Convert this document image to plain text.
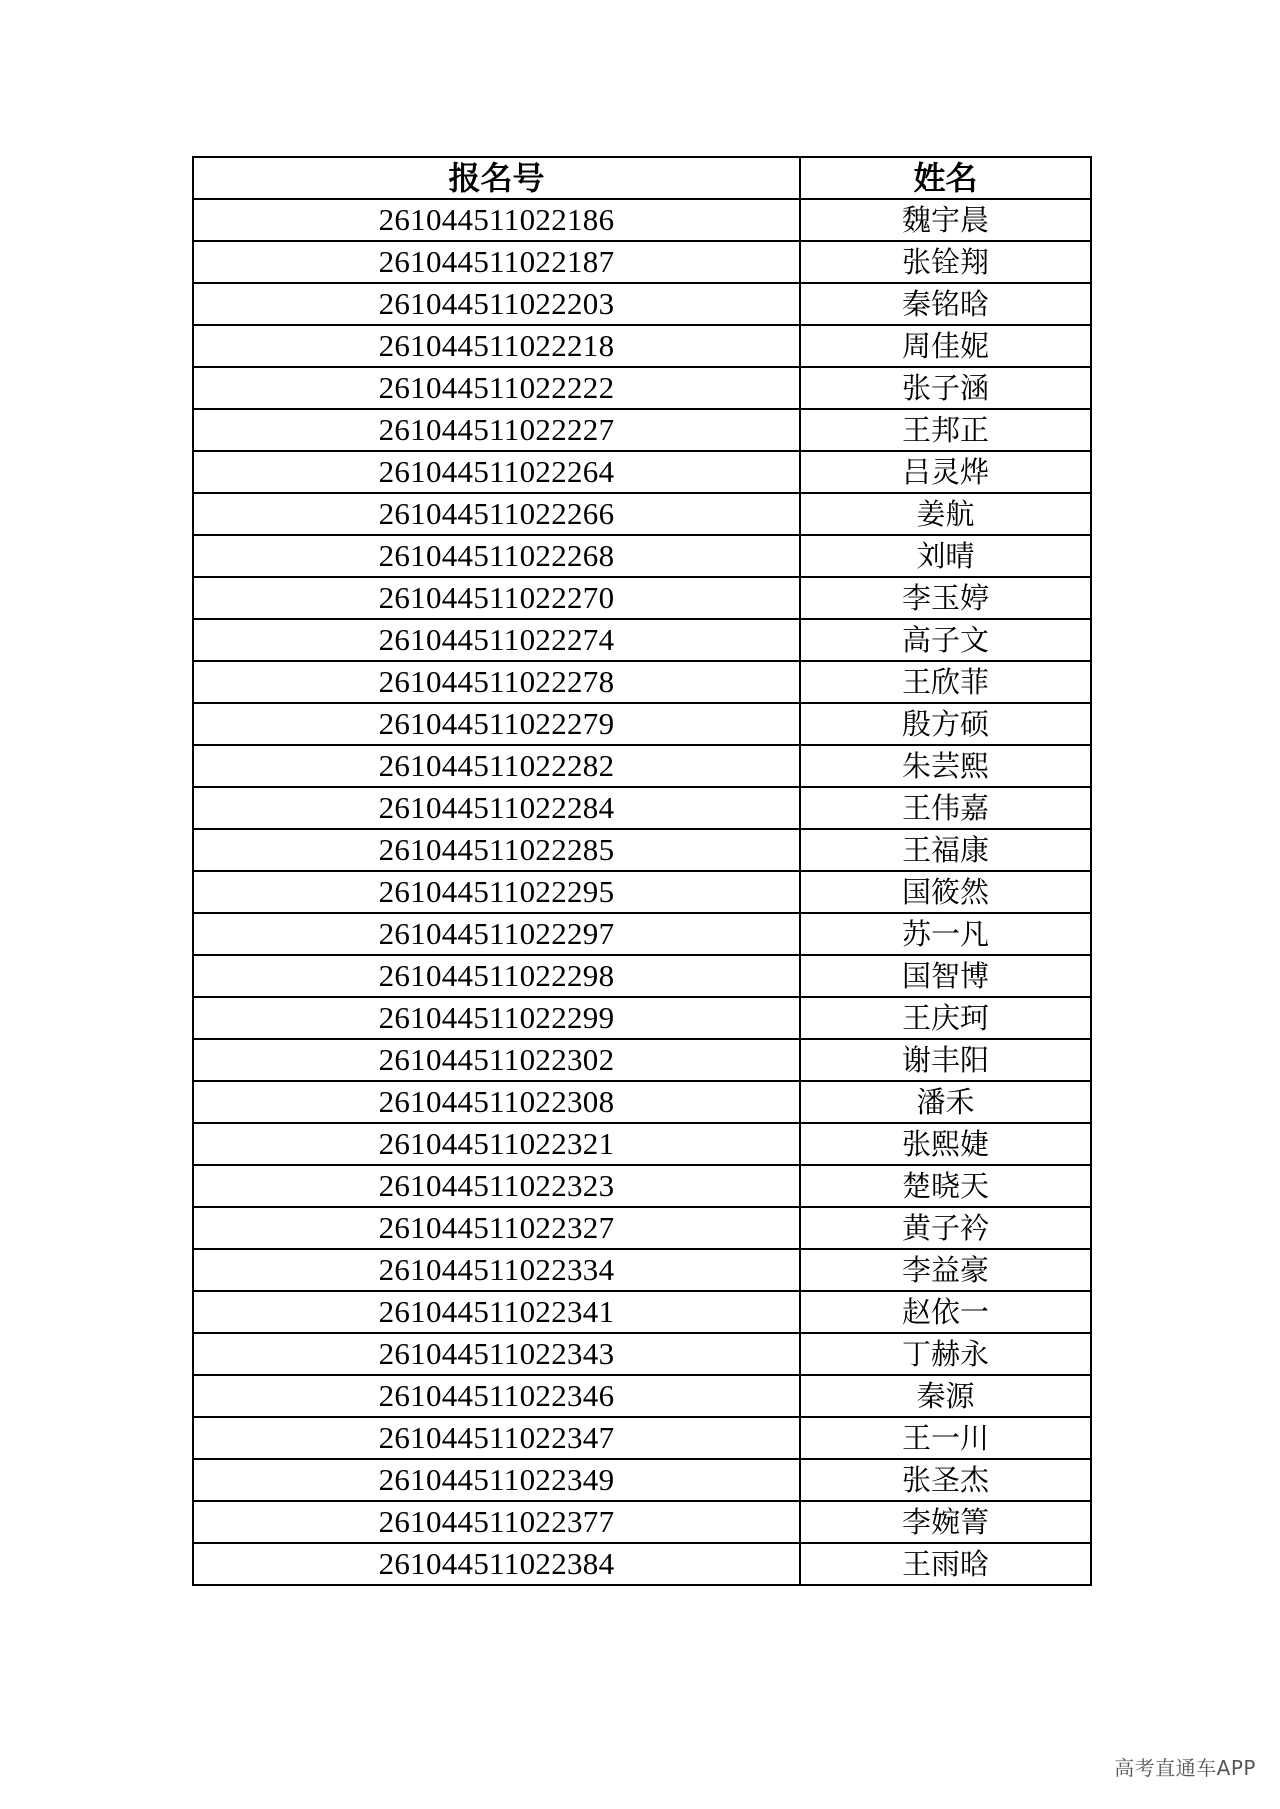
报名号	姓名
261044511022186	魏宇晨
261044511022187	张铨翔
261044511022203	秦铭晗
261044511022218	周佳妮
261044511022222	张子涵
261044511022227	王邦正
261044511022264	吕灵烨
261044511022266	姜航
261044511022268	刘晴
261044511022270	李玉婷
261044511022274	高子文
261044511022278	王欣菲
261044511022279	殷方硕
261044511022282	朱芸熙
261044511022284	王伟嘉
261044511022285	王福康
261044511022295	国筱然
261044511022297	苏一凡
261044511022298	国智博
261044511022299	王庆珂
261044511022302	谢丰阳
261044511022308	潘禾
261044511022321	张熙婕
261044511022323	楚晓天
261044511022327	黄子衿
261044511022334	李益豪
261044511022341	赵依一
261044511022343	丁赫永
261044511022346	秦源
261044511022347	王一川
261044511022349	张圣杰
261044511022377	李婉箐
261044511022384	王雨晗
高考直通车APP
